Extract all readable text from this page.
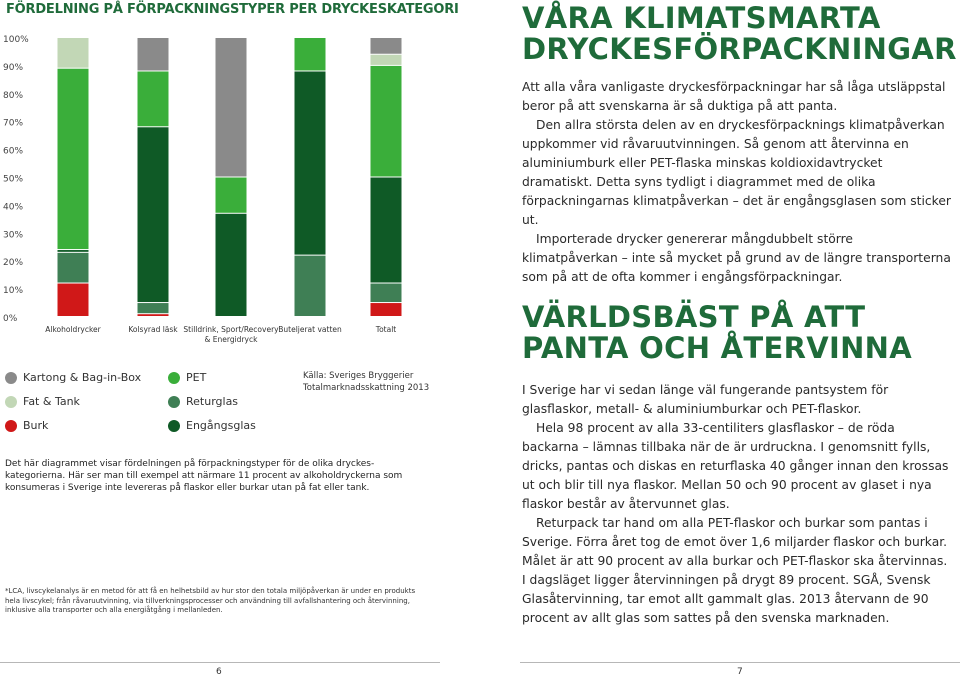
FÖRDELNING PÅ FÖRPACKNINGSTYPER PER DRYCKESKATEGORI
100%
90%
80%
70%
60%
50%
40%
30%
20%
10%
0%
Alkoholdrycker	Kolsyrad läsk Stilldrink, Sport/Recovery & Energidryck
Buteljerat vatten	Totalt
Kartong & Bag-in-Box	PET
Fat & Tank	Returglas
Burk	Engångsglas
Källa: Sveriges Bryggerier
Totalmarknadsskattning 2013
Det här diagrammet visar fördelningen på förpackningstyper för de olika dryckes-kategorierna. Här ser man till exempel att närmare 11 procent av alkoholdryckerna som konsumeras i Sverige inte levereras på flaskor eller burkar utan på fat eller tank.
*LCA, livscykelanalys är en metod för att få en helhetsbild av hur stor den totala miljöpåverkan är under en produkts hela livscykel; från råvaruutvinning, via tillverkningsprocesser och användning till avfallshantering och återvinning, inklusive alla transporter och alla energiåtgång i mellanleden.
6	7
VÅRA KLIMATSMARTA DRYCKESFÖRPACKNINGAR

Att alla våra vanligaste dryckesförpackningar har så låga utsläppstal beror på att svenskarna är så duktiga på att panta.

Den allra största delen av en dryckesförpacknings klimatpåverkan uppkommer vid råvaruutvinningen. Så genom att återvinna en aluminiumburk eller PET-flaska minskas koldioxidavtrycket dramatiskt. Detta syns tydligt i diagrammet med de olika förpackningarnas klimatpåverkan – det är engångsglasen som sticker ut.

Importerade drycker genererar mångdubbelt större klimatpåverkan – inte så mycket på grund av de längre transporterna som på att de ofta kommer i engångsförpackningar.

VÄRLDSBÄST PÅ ATT PANTA OCH ÅTERVINNA

I Sverige har vi sedan länge väl fungerande pantsystem för glasflaskor, metall- & aluminiumburkar och PET-flaskor.

Hela 98 procent av alla 33-centiliters glasflaskor – de röda backarna – lämnas tillbaka när de är urdruckna. I genomsnitt fylls, dricks, pantas och diskas en returflaska 40 gånger innan den krossas ut och blir till nya flaskor. Mellan 50 och 90 procent av glaset i nya flaskor består av återvunnet glas.

Returpack tar hand om alla PET-flaskor och burkar som pantas i Sverige. Förra året tog de emot över 1,6 miljarder flaskor och burkar. Målet är att 90 procent av alla burkar och PET-flaskor ska återvinnas. I dagsläget ligger återvinningen på drygt 89 procent. SGÅ, Svensk Glasåtervinning, tar emot allt gammalt glas. 2013 återvann de 90 procent av allt glas som sattes på den svenska marknaden.
